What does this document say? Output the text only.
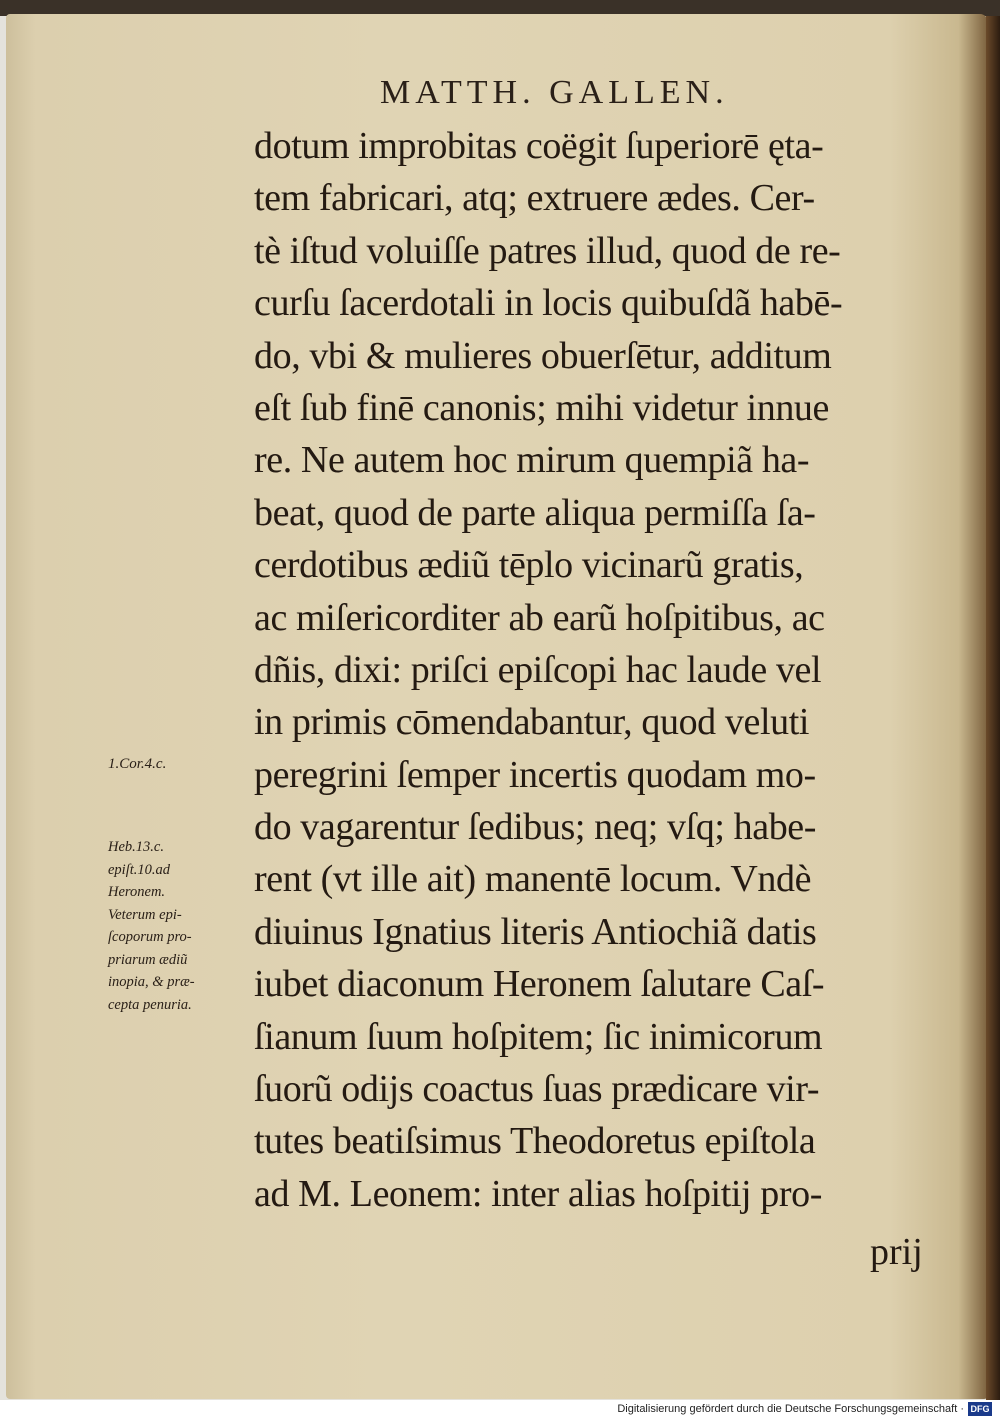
MATTH. GALLEN.
dotum improbitas coëgit ſuperiorē ętа-
tem fabricari, atq; extruere ædes. Cer-
tè iſtud voluiſſe patres illud, quod de re-
curſu ſacerdotali in locis quibuſdã habē-
do, vbi & mulieres obuerſētur, additum
eſt ſub finē canonis; mihi videtur innue
re. Ne autem hoc mirum quempiã ha-
beat, quod de parte aliqua permiſſa ſa-
cerdotibus ædiũ tēplo vicinarũ gratis,
ac miſericorditer ab earũ hoſpitibus, ac
dñis, dixi: priſci epiſcopi hac laude vel
in primis cōmendabantur, quod veluti
peregrini ſemper incertis quodam mo-
do vagarentur ſedibus; neq; vſq; habe-
rent (vt ille ait) manentē locum. Vndè
diuinus Ignatius literis Antiochiã datis
iubet diaconum Heronem ſalutare Caſ-
ſianum ſuum hoſpitem; ſic inimicorum
ſuorũ odijs coactus ſuas prædicare vir-
tutes beatiſsimus Theodoretus epiſtola
ad M. Leonem: inter alias hoſpitij pro-
prij
1.Cor.4.c.
Heb.13.c.
epiſt.10.ad
Heronem.
Veterum epi-
ſcoporum pro-
priarum ædiũ
inopia, & præ-
cepta penuria.
Digitalisierung gefördert durch die Deutsche Forschungsgemeinschaft · DFG
